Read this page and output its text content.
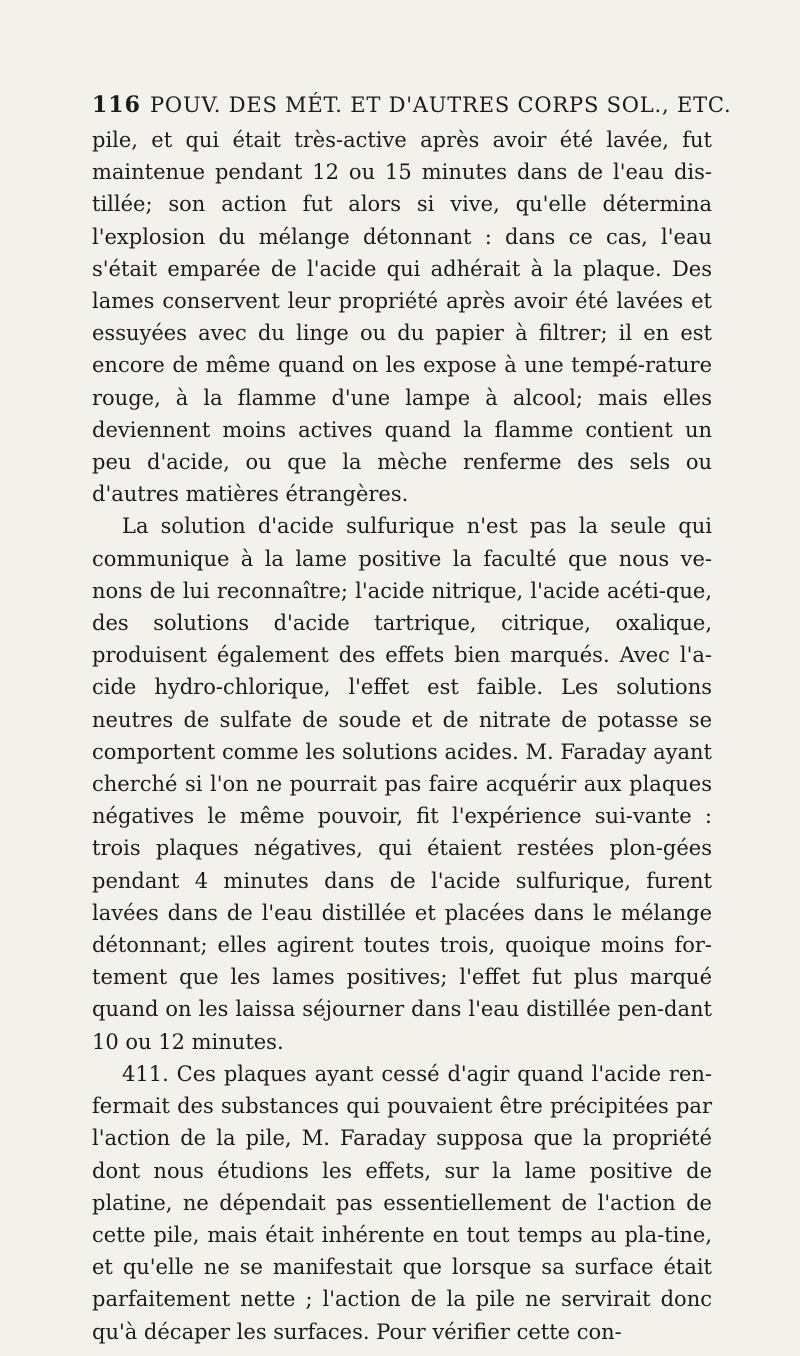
116 POUV. DES MÉT. ET D'AUTRES CORPS SOL., ETC.

pile, et qui était très-active après avoir été lavée, fut maintenue pendant 12 ou 15 minutes dans de l'eau dis-tillée; son action fut alors si vive, qu'elle détermina l'explosion du mélange détonnant : dans ce cas, l'eau s'était emparée de l'acide qui adhérait à la plaque. Des lames conservent leur propriété après avoir été lavées et essuyées avec du linge ou du papier à filtrer; il en est encore de même quand on les expose à une tempé-rature rouge, à la flamme d'une lampe à alcool; mais elles deviennent moins actives quand la flamme contient un peu d'acide, ou que la mèche renferme des sels ou d'autres matières étrangères.

La solution d'acide sulfurique n'est pas la seule qui communique à la lame positive la faculté que nous ve-nons de lui reconnaître; l'acide nitrique, l'acide acéti-que, des solutions d'acide tartrique, citrique, oxalique, produisent également des effets bien marqués. Avec l'a-cide hydro-chlorique, l'effet est faible. Les solutions neutres de sulfate de soude et de nitrate de potasse se comportent comme les solutions acides. M. Faraday ayant cherché si l'on ne pourrait pas faire acquérir aux plaques négatives le même pouvoir, fit l'expérience sui-vante : trois plaques négatives, qui étaient restées plon-gées pendant 4 minutes dans de l'acide sulfurique, furent lavées dans de l'eau distillée et placées dans le mélange détonnant; elles agirent toutes trois, quoique moins for-tement que les lames positives; l'effet fut plus marqué quand on les laissa séjourner dans l'eau distillée pen-dant 10 ou 12 minutes.

411. Ces plaques ayant cessé d'agir quand l'acide ren-fermait des substances qui pouvaient être précipitées par l'action de la pile, M. Faraday supposa que la propriété dont nous étudions les effets, sur la lame positive de platine, ne dépendait pas essentiellement de l'action de cette pile, mais était inhérente en tout temps au pla-tine, et qu'elle ne se manifestait que lorsque sa surface était parfaitement nette ; l'action de la pile ne servirait donc qu'à décaper les surfaces. Pour vérifier cette con-
